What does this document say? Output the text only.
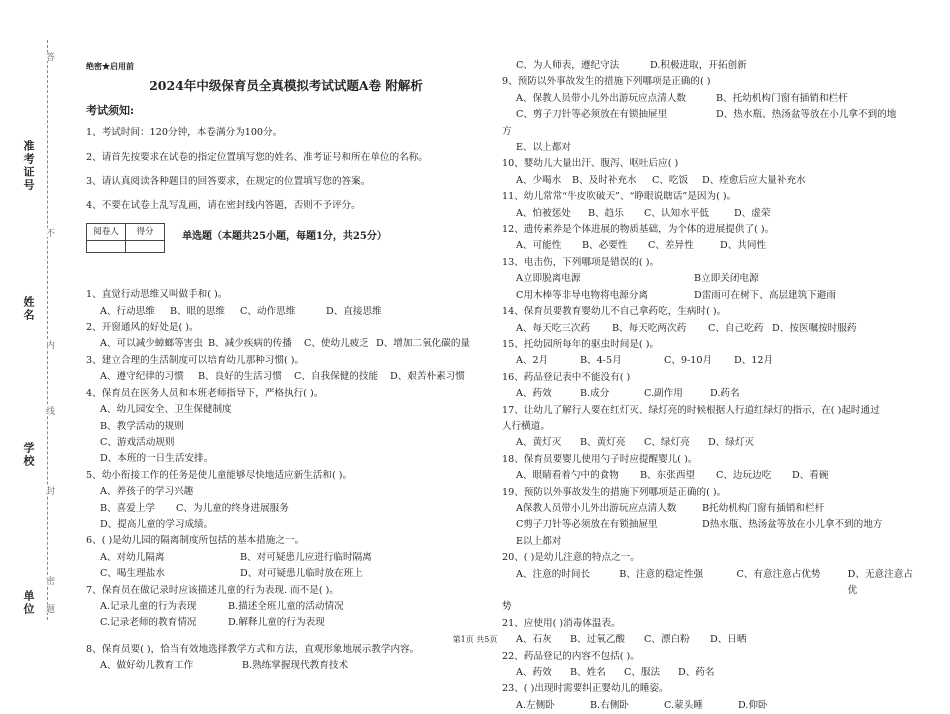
答
不
内
线
封
密
题
准考证号
姓名
学校
单位

绝密★启用前

2024年中级保育员全真模拟考试试题A卷 附解析

考试须知:

1、考试时间：120分钟，本卷满分为100分。

2、请首先按要求在试卷的指定位置填写您的姓名、准考证号和所在单位的名称。

3、请认真阅读各种题目的回答要求，在规定的位置填写您的答案。

4、不要在试卷上乱写乱画，请在密封线内答题，否则不予评分。

阅卷人	得分
		单选题（本题共25小题，每题1分，共25分）

1、直觉行动思维又叫做手和( )。

A、行动思维	B、眼的思维	C、动作思维	D、直接思维

2、开窗通风的好处是( )。

A、可以减少蟑螂等害虫 B、减少疾病的传播	C、使幼儿疲乏 D、增加二氧化碳的量

3、建立合理的生活制度可以培育幼儿那种习惯( )。

A、遵守纪律的习惯	B、良好的生活习惯	C、自我保健的技能	D、艰苦朴素习惯

4、保育员在医务人员和本班老师指导下，严格执行( )。

A、幼儿园安全、卫生保健制度

B、教学活动的规则

C、游戏活动规则

D、本班的一日生活安排。

5、幼小衔接工作的任务是使儿童能够尽快地适应新生活和( )。

A、养孩子的学习兴趣

B、喜爱上学	C、为儿童的终身进展服务

D、提高儿童的学习成绩。

6、( )是幼儿园的隔离制度所包括的基本措施之一。

A、对幼儿隔离	B、对可疑患儿应进行临时隔离
C、喝生理盐水	D、对可疑患儿临时放在班上

7、保育员在做记录时应该描述儿童的行为表现. 而不是( )。

A.记录儿童的行为表现	B.描述全班儿童的活动情况
C.记录老师的教育情况	D.解释儿童的行为表现

8、保育员要( )，恰当有效地选择教学方式和方法，直观形象地展示教学内容。

A、做好幼儿教育工作	B.熟练掌握现代教育技术
C、为人师表，遵纪守法	D.积极进取，开拓创新

9、预防以外事故发生的措施下列哪项是正确的( )

A、保教人员带小儿外出游玩应点清人数	B、托幼机构门窗有插销和栏杆
C、剪子刀针等必须放在有锁抽屉里	D、热水瓶、热汤盆等放在小儿拿不到的地

方

E、以上都对

10、婴幼儿大量出汗、腹泻、呕吐后应( )

A、少喝水	B、及时补充水	C、吃饭	D、痊愈后应大量补充水

11、幼儿常常“牛皮吹破天”、“睁眼说瞎话”是因为( )。

A、怕被惩处	B、趋乐	C、认知水平低	D、虚荣

12、遗传素养是个体进展的物质基础，为个体的进展提供了( )。

A、可能性	B、必要性	C、差异性	D、共同性

13、电击伤，下列哪项是错误的( )。

A立即脱离电源	B立即关闭电源
C用木棒等非导电物将电源分离	D雷雨可在树下、高层建筑下避雨

14、保育员要教育婴幼儿不自己拿药吃，生病时( )。

A、每天吃三次药	B、每天吃两次药	C、自己吃药 D、按医嘱按时服药

15、托幼园所每年的驱虫时间是( )。

A、2月	B、4-5月	C、9-10月	D、12月

16、药品登记表中不能没有( )

A、药效	B.成分	C.副作用	D.药名

17、让幼儿了解行人要在红灯灭、绿灯亮的时候根据人行道红绿灯的指示，在( )起时通过

人行横道。

A、黄灯灭	B、黄灯亮	C、绿灯亮	D、绿灯灭

18、保育员要婴儿使用勺子时应提醒婴儿( )。

A、眼睛看着勺中的食物	B、东张西望	C、边玩边吃	D、看碗

19、预防以外事故发生的措施下列哪项是正确的( )。

A保教人员带小儿外出游玩应点清人数	B托幼机构门窗有插销和栏杆
C剪子刀针等必须放在有锁抽屉里	D热水瓶、热汤盆等放在小儿拿不到的地方

E以上都对

20、( )是幼儿注意的特点之一。

A、注意的时间长	B、注意的稳定性强	C、有意注意占优势	D、无意注意占优

势

21、应使用( )消毒体温表。

A、石灰	B、过氧乙酸	C、漂白粉	D、日晒

22、药品登记的内容不包括( )。

A、药效	B、姓名	C、服法	D、药名

23、( )出现时需要纠正婴幼儿的睡姿。

A.左侧卧	B.右侧卧	C.蒙头睡	D.仰卧
第1页 共5页
